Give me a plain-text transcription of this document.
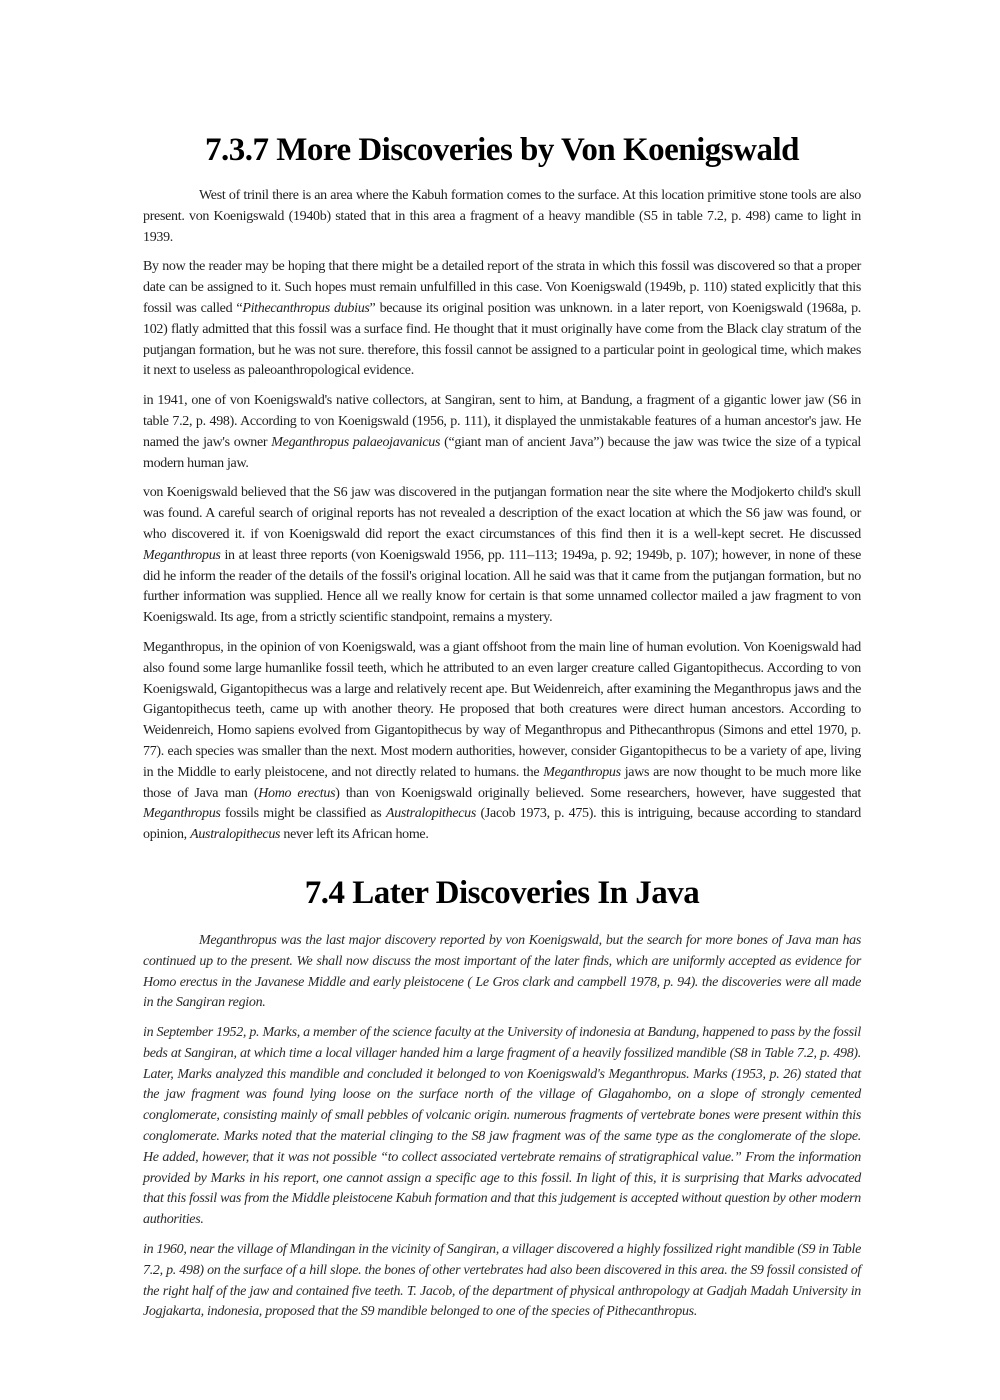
7.3.7 More Discoveries by Von Koenigswald

West of trinil there is an area where the Kabuh formation comes to the surface. At this location primitive stone tools are also present. von Koenigswald (1940b) stated that in this area a fragment of a heavy mandible (S5 in table 7.2, p. 498) came to light in 1939.

By now the reader may be hoping that there might be a detailed report of the strata in which this fossil was discovered so that a proper date can be assigned to it. Such hopes must remain unfulfilled in this case. Von Koenigswald (1949b, p. 110) stated explicitly that this fossil was called “Pithecanthropus dubius” because its original position was unknown. in a later report, von Koenigswald (1968a, p. 102) flatly admitted that this fossil was a surface find. He thought that it must originally have come from the Black clay stratum of the putjangan formation, but he was not sure. therefore, this fossil cannot be assigned to a particular point in geological time, which makes it next to useless as paleoanthropological evidence.

in 1941, one of von Koenigswald's native collectors, at Sangiran, sent to him, at Bandung, a fragment of a gigantic lower jaw (S6 in table 7.2, p. 498). According to von Koenigswald (1956, p. 111), it displayed the unmistakable features of a human ancestor's jaw. He named the jaw's owner Meganthropus palaeojavanicus (“giant man of ancient Java”) because the jaw was twice the size of a typical modern human jaw.

von Koenigswald believed that the S6 jaw was discovered in the putjangan formation near the site where the Modjokerto child's skull was found. A careful search of original reports has not revealed a description of the exact location at which the S6 jaw was found, or who discovered it. if von Koenigswald did report the exact circumstances of this find then it is a well-kept secret. He discussed Meganthropus in at least three reports (von Koenigswald 1956, pp. 111–113; 1949a, p. 92; 1949b, p. 107); however, in none of these did he inform the reader of the details of the fossil's original location. All he said was that it came from the putjangan formation, but no further information was supplied. Hence all we really know for certain is that some unnamed collector mailed a jaw fragment to von Koenigswald. Its age, from a strictly scientific standpoint, remains a mystery.

Meganthropus, in the opinion of von Koenigswald, was a giant offshoot from the main line of human evolution. Von Koenigswald had also found some large humanlike fossil teeth, which he attributed to an even larger creature called Gigantopithecus. According to von Koenigswald, Gigantopithecus was a large and relatively recent ape. But Weidenreich, after examining the Meganthropus jaws and the Gigantopithecus teeth, came up with another theory. He proposed that both creatures were direct human ancestors. According to Weidenreich, Homo sapiens evolved from Gigantopithecus by way of Meganthropus and Pithecanthropus (Simons and ettel 1970, p. 77). each species was smaller than the next. Most modern authorities, however, consider Gigantopithecus to be a variety of ape, living in the Middle to early pleistocene, and not directly related to humans. the Meganthropus jaws are now thought to be much more like those of Java man (Homo erectus) than von Koenigswald originally believed. Some researchers, however, have suggested that Meganthropus fossils might be classified as Australopithecus (Jacob 1973, p. 475). this is intriguing, because according to standard opinion, Australopithecus never left its African home.

7.4 Later Discoveries In Java

Meganthropus was the last major discovery reported by von Koenigswald, but the search for more bones of Java man has continued up to the present. We shall now discuss the most important of the later finds, which are uniformly accepted as evidence for Homo erectus in the Javanese Middle and early pleistocene ( Le Gros clark and campbell 1978, p. 94). the discoveries were all made in the Sangiran region.

in September 1952, p. Marks, a member of the science faculty at the University of indonesia at Bandung, happened to pass by the fossil beds at Sangiran, at which time a local villager handed him a large fragment of a heavily fossilized mandible (S8 in Table 7.2, p. 498). Later, Marks analyzed this mandible and concluded it belonged to von Koenigswald's Meganthropus. Marks (1953, p. 26) stated that the jaw fragment was found lying loose on the surface north of the village of Glagahombo, on a slope of strongly cemented conglomerate, consisting mainly of small pebbles of volcanic origin. numerous fragments of vertebrate bones were present within this conglomerate. Marks noted that the material clinging to the S8 jaw fragment was of the same type as the conglomerate of the slope. He added, however, that it was not possible “to collect associated vertebrate remains of stratigraphical value.” From the information provided by Marks in his report, one cannot assign a specific age to this fossil. In light of this, it is surprising that Marks advocated that this fossil was from the Middle pleistocene Kabuh formation and that this judgement is accepted without question by other modern authorities.

in 1960, near the village of Mlandingan in the vicinity of Sangiran, a villager discovered a highly fossilized right mandible (S9 in Table 7.2, p. 498) on the surface of a hill slope. the bones of other vertebrates had also been discovered in this area. the S9 fossil consisted of the right half of the jaw and contained five teeth. T. Jacob, of the department of physical anthropology at Gadjah Madah University in Jogjakarta, indonesia, proposed that the S9 mandible belonged to one of the species of Pithecanthropus.
